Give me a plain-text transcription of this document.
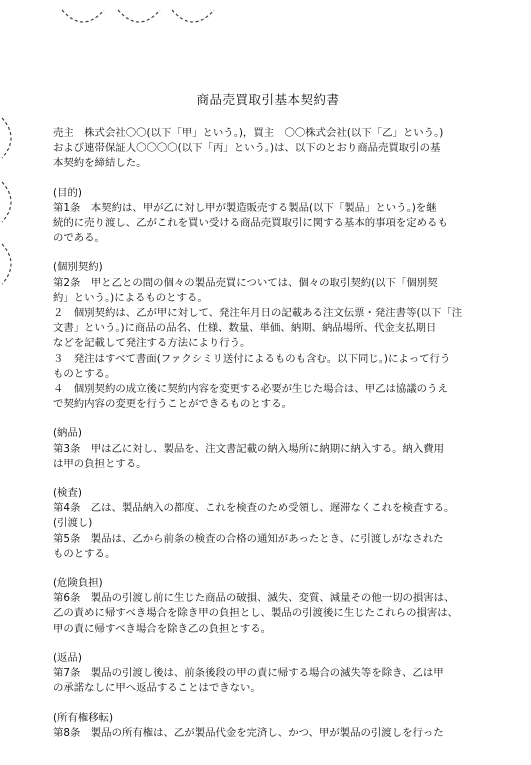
商品売買取引基本契約書
売主　株式会社〇〇(以下「甲」という。)，買主　〇〇株式会社(以下「乙」という。)
および連帯保証人〇〇〇〇(以下「丙」という。)は、以下のとおり商品売買取引の基
本契約を締結した。
(目的)
第1条　本契約は、甲が乙に対し甲が製造販売する製品(以下「製品」という。)を継
続的に売り渡し、乙がこれを買い受ける商品売買取引に関する基本的事項を定めるも
のである。
(個別契約)
第2条　甲と乙との間の個々の製品売買については、個々の取引契約(以下「個別契
約」という。)によるものとする。
２　個別契約は、乙が甲に対して、発注年月日の記載ある注文伝票・発注書等(以下「注
文書」という。)に商品の品名、仕様、数量、単価、納期、納品場所、代金支払期日
などを記載して発注する方法により行う。
３　発注はすべて書面(ファクシミリ送付によるものも含む。以下同じ。)によって行う
ものとする。
４　個別契約の成立後に契約内容を変更する必要が生じた場合は、甲乙は協議のうえ
で契約内容の変更を行うことができるものとする。
(納品)
第3条　甲は乙に対し、製品を、注文書記載の納入場所に納期に納入する。納入費用
は甲の負担とする。
(検査)
第4条　乙は、製品納入の都度、これを検査のため受領し、遅滞なくこれを検査する。
(引渡し)
第5条　製品は、乙から前条の検査の合格の通知があったとき、に引渡しがなされた
ものとする。
(危険負担)
第6条　製品の引渡し前に生じた商品の破損、滅失、変質、減量その他一切の損害は、
乙の責めに帰すべき場合を除き甲の負担とし、製品の引渡後に生じたこれらの損害は、
甲の責に帰すべき場合を除き乙の負担とする。
(返品)
第7条　製品の引渡し後は、前条後段の甲の責に帰する場合の滅失等を除き、乙は甲
の承諾なしに甲へ返品することはできない。
(所有権移転)
第8条　製品の所有権は、乙が製品代金を完済し、かつ、甲が製品の引渡しを行った
